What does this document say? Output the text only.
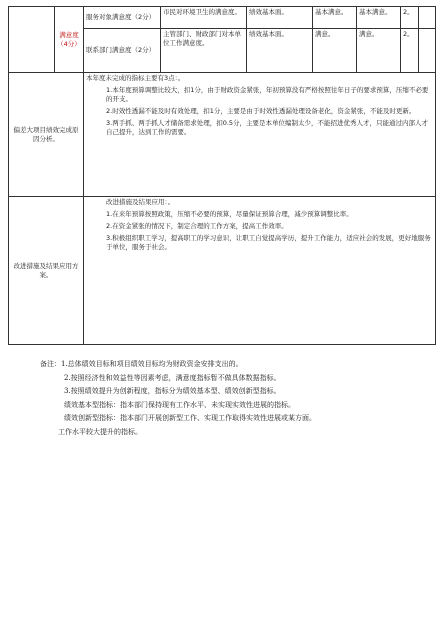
	满意度（4分）	服务对象满意度（2分）	市民对环境卫生的满意度。	绩效基本面。	基本满意。	基本满意。	2。	
		联系部门满意度（2分）	主管部门、财政部门对本单位工作满意度。	绩效基本面。	满意。	满意。	2。	
偏差大项目绩效完成原因分析。		本年度未完成的指标主要有3点：。
1.本年度预算调整比较大，扣1分，由于财政资金紧张，年初预算没有严格按照往年日子的要求预算，压缩不必要的开支。
2.时效性透漏不能及时有效处理，扣1分，主要是由于时效性透漏处理设备老化，资金紧张，不能及时更新。
3.两手抓、两手抓人才储备需求处理，扣0.5分，主要是本单位编制太少，不能招进优秀人才，只能通过内部人才自己提升，达到工作的需要。						

改进措施及结果应用方案。		改进措施及结果应用：。
1.在来年预算按照政策，压缩不必要的预算，尽量保证预算合理，减少预算调整比率。
2.在资金紧张的情况下，制定合理的工作方案，提高工作效率。
3.积极组织职工学习，提高职工的学习意识，让职工自觉提高学历，提升工作能力，适应社会的发展，更好地服务于单位，服务于社会。						
备注：1.总体绩效目标和项目绩效目标均为财政资金安排支出的。
2.按照经济性和效益性等因素考虑，满意度指标暂不做具体数据指标。
3.按照绩效提升为创新程度，指标分为绩效基本型、绩效创新型指标。
绩效基本型指标：指本部门保持现有工作水平、未实现实效性进展的指标。
绩效创新型指标：指本部门开展创新型工作、实现工作取得实效性进展或某方面。
工作水平较大提升的指标。
